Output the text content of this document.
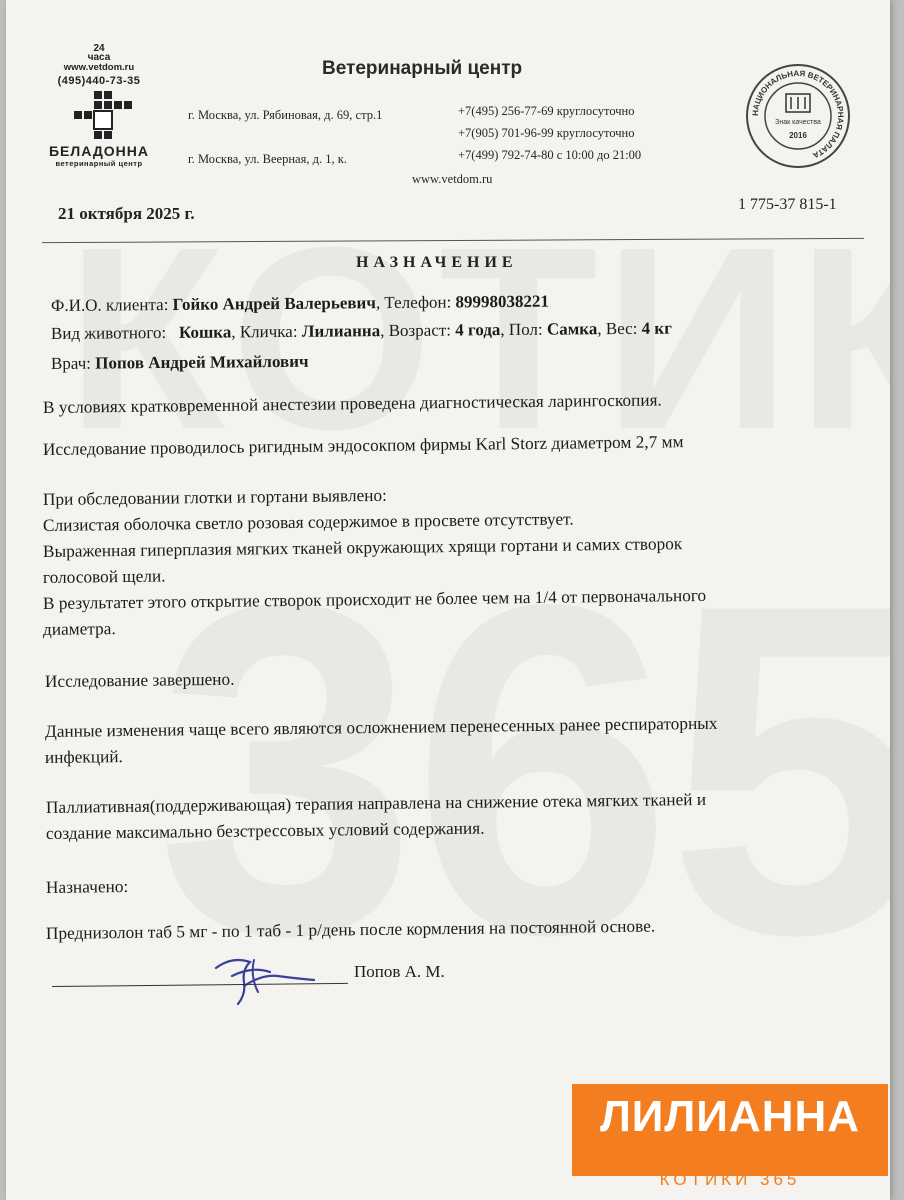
24
часа
www.vetdom.ru
(495)440-73-35
БЕЛАДОННА
ветеринарный центр
Ветеринарный центр
г. Москва, ул. Рябиновая, д. 69, стр.1
г. Москва, ул. Веерная, д. 1, к.
+7(495) 256-77-69 круглосуточно
+7(905) 701-96-99 круглосуточно
+7(499) 792-74-80 с 10:00 до 21:00
www.vetdom.ru
НАЦИОНАЛЬНАЯ ВЕТЕРИНАРНАЯ ПАЛАТА
Знак качества
2016
21 октября 2025 г.	1 775-37 815-1
НАЗНАЧЕНИЕ
Ф.И.О. клиента: Гойко Андрей Валерьевич, Телефон: 89998038221
Вид животного: Кошка, Кличка: Лилианна, Возраст: 4 года, Пол: Самка, Вес: 4 кг
Врач: Попов Андрей Михайлович
В условиях кратковременной анестезии проведена диагностическая ларингоскопия.
Исследование проводилось ригидным эндосокпом фирмы Karl Storz диаметром 2,7 мм
При обследовании глотки и гортани выявлено:
Слизистая оболочка светло розовая содержимое в просвете отсутствует.
Выраженная гиперплазия мягких тканей окружающих хрящи гортани и самих створок
голосовой щели.
В результатет этого открытие створок происходит не более чем на 1/4 от первоначального
диаметра.
Исследование завершено.
Данные изменения чаще всего являются осложнением перенесенных ранее респираторных
инфекций.
Паллиативная(поддерживающая) терапия направлена на снижение отека мягких тканей и
создание максимально безстрессовых условий содержания.
Назначено:
Преднизолон таб 5 мг - по 1 таб - 1 р/день после кормления на постоянной основе.
Попов А. М.
ЛИЛИАННА
КОТИКИ 365
